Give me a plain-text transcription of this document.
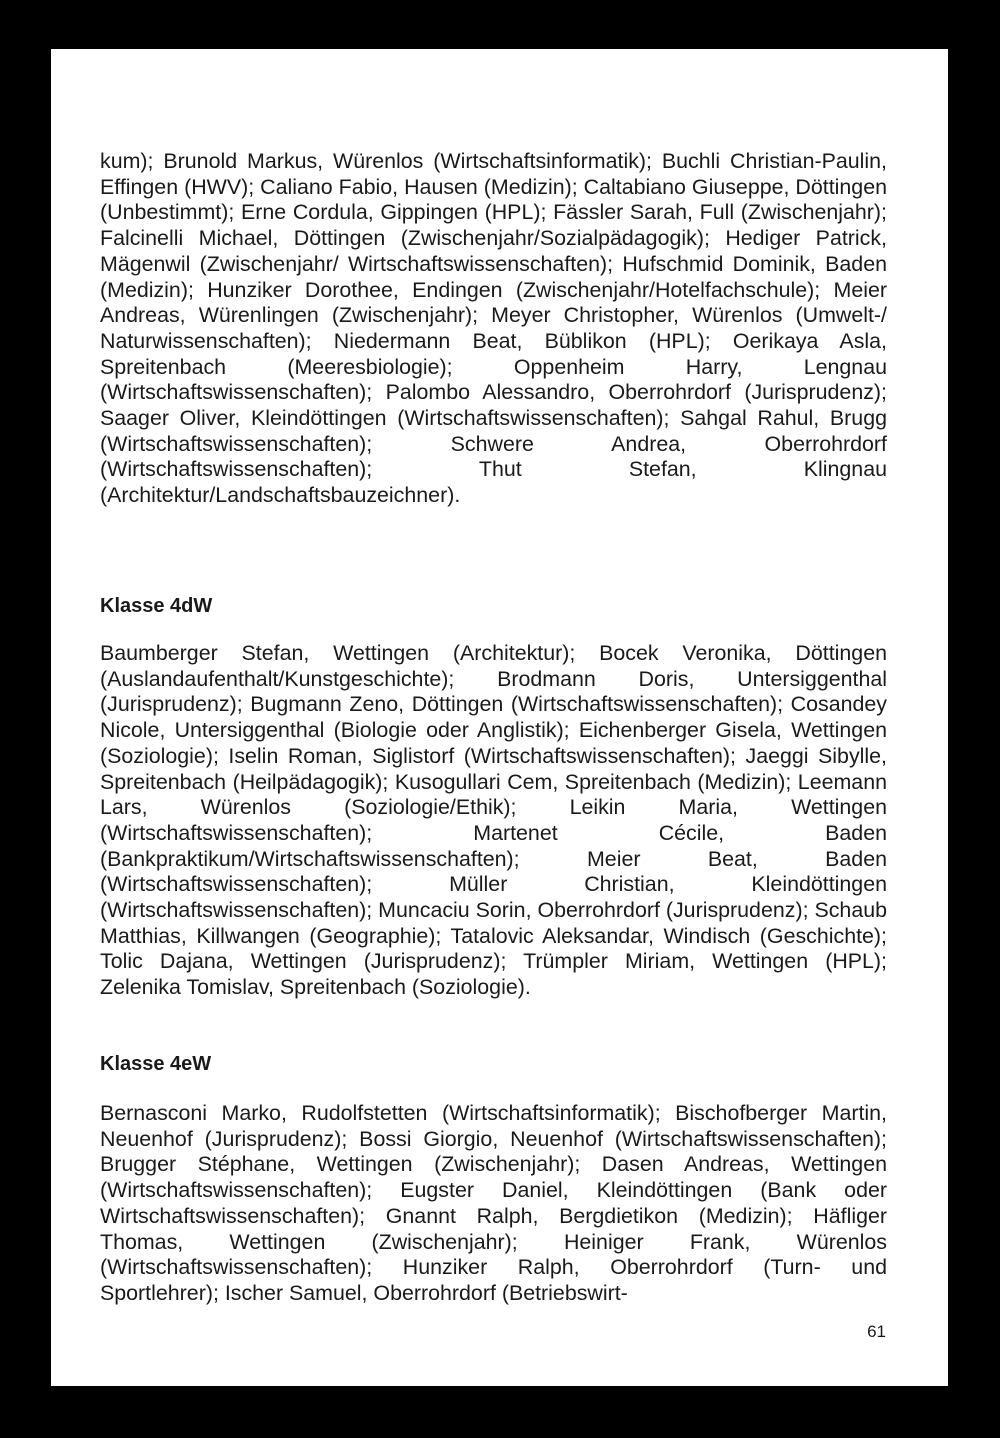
kum); Brunold Markus, Würenlos (Wirtschaftsinformatik); Buchli Christian-Paulin, Effingen (HWV); Caliano Fabio, Hausen (Medizin); Caltabiano Giuseppe, Döttingen (Unbestimmt); Erne Cordula, Gippingen (HPL); Fässler Sarah, Full (Zwischenjahr); Falcinelli Michael, Döttingen (Zwischenjahr/Sozialpädagogik); Hediger Patrick, Mägenwil (Zwischenjahr/ Wirtschaftswissenschaften); Hufschmid Dominik, Baden (Medizin); Hunziker Dorothee, Endingen (Zwischenjahr/Hotelfachschule); Meier Andreas, Würenlingen (Zwischenjahr); Meyer Christopher, Würenlos (Umwelt-/ Naturwissenschaften); Niedermann Beat, Büblikon (HPL); Oerikaya Asla, Spreitenbach (Meeresbiologie); Oppenheim Harry, Lengnau (Wirtschaftswissenschaften); Palombo Alessandro, Oberrohrdorf (Jurisprudenz); Saager Oliver, Kleindöttingen (Wirtschaftswissenschaften); Sahgal Rahul, Brugg (Wirtschaftswissenschaften); Schwere Andrea, Oberrohrdorf (Wirtschaftswissenschaften); Thut Stefan, Klingnau (Architektur/Landschaftsbauzeichner).
Klasse 4dW
Baumberger Stefan, Wettingen (Architektur); Bocek Veronika, Döttingen (Auslandaufenthalt/Kunstgeschichte); Brodmann Doris, Untersiggenthal (Jurisprudenz); Bugmann Zeno, Döttingen (Wirtschaftswissenschaften); Cosandey Nicole, Untersiggenthal (Biologie oder Anglistik); Eichenberger Gisela, Wettingen (Soziologie); Iselin Roman, Siglistorf (Wirtschaftswissenschaften); Jaeggi Sibylle, Spreitenbach (Heilpädagogik); Kusogullari Cem, Spreitenbach (Medizin); Leemann Lars, Würenlos (Soziologie/Ethik); Leikin Maria, Wettingen (Wirtschaftswissenschaften); Martenet Cécile, Baden (Bankpraktikum/Wirtschaftswissenschaften); Meier Beat, Baden (Wirtschaftswissenschaften); Müller Christian, Kleindöttingen (Wirtschaftswissenschaften); Muncaciu Sorin, Oberrohrdorf (Jurisprudenz); Schaub Matthias, Killwangen (Geographie); Tatalovic Aleksandar, Windisch (Geschichte); Tolic Dajana, Wettingen (Jurisprudenz); Trümpler Miriam, Wettingen (HPL); Zelenika Tomislav, Spreitenbach (Soziologie).
Klasse 4eW
Bernasconi Marko, Rudolfstetten (Wirtschaftsinformatik); Bischofberger Martin, Neuenhof (Jurisprudenz); Bossi Giorgio, Neuenhof (Wirtschaftswissenschaften); Brugger Stéphane, Wettingen (Zwischenjahr); Dasen Andreas, Wettingen (Wirtschaftswissenschaften); Eugster Daniel, Kleindöttingen (Bank oder Wirtschaftswissenschaften); Gnannt Ralph, Bergdietikon (Medizin); Häfliger Thomas, Wettingen (Zwischenjahr); Heiniger Frank, Würenlos (Wirtschaftswissenschaften); Hunziker Ralph, Oberrohrdorf (Turn- und Sportlehrer); Ischer Samuel, Oberrohrdorf (Betriebswirt-
61
